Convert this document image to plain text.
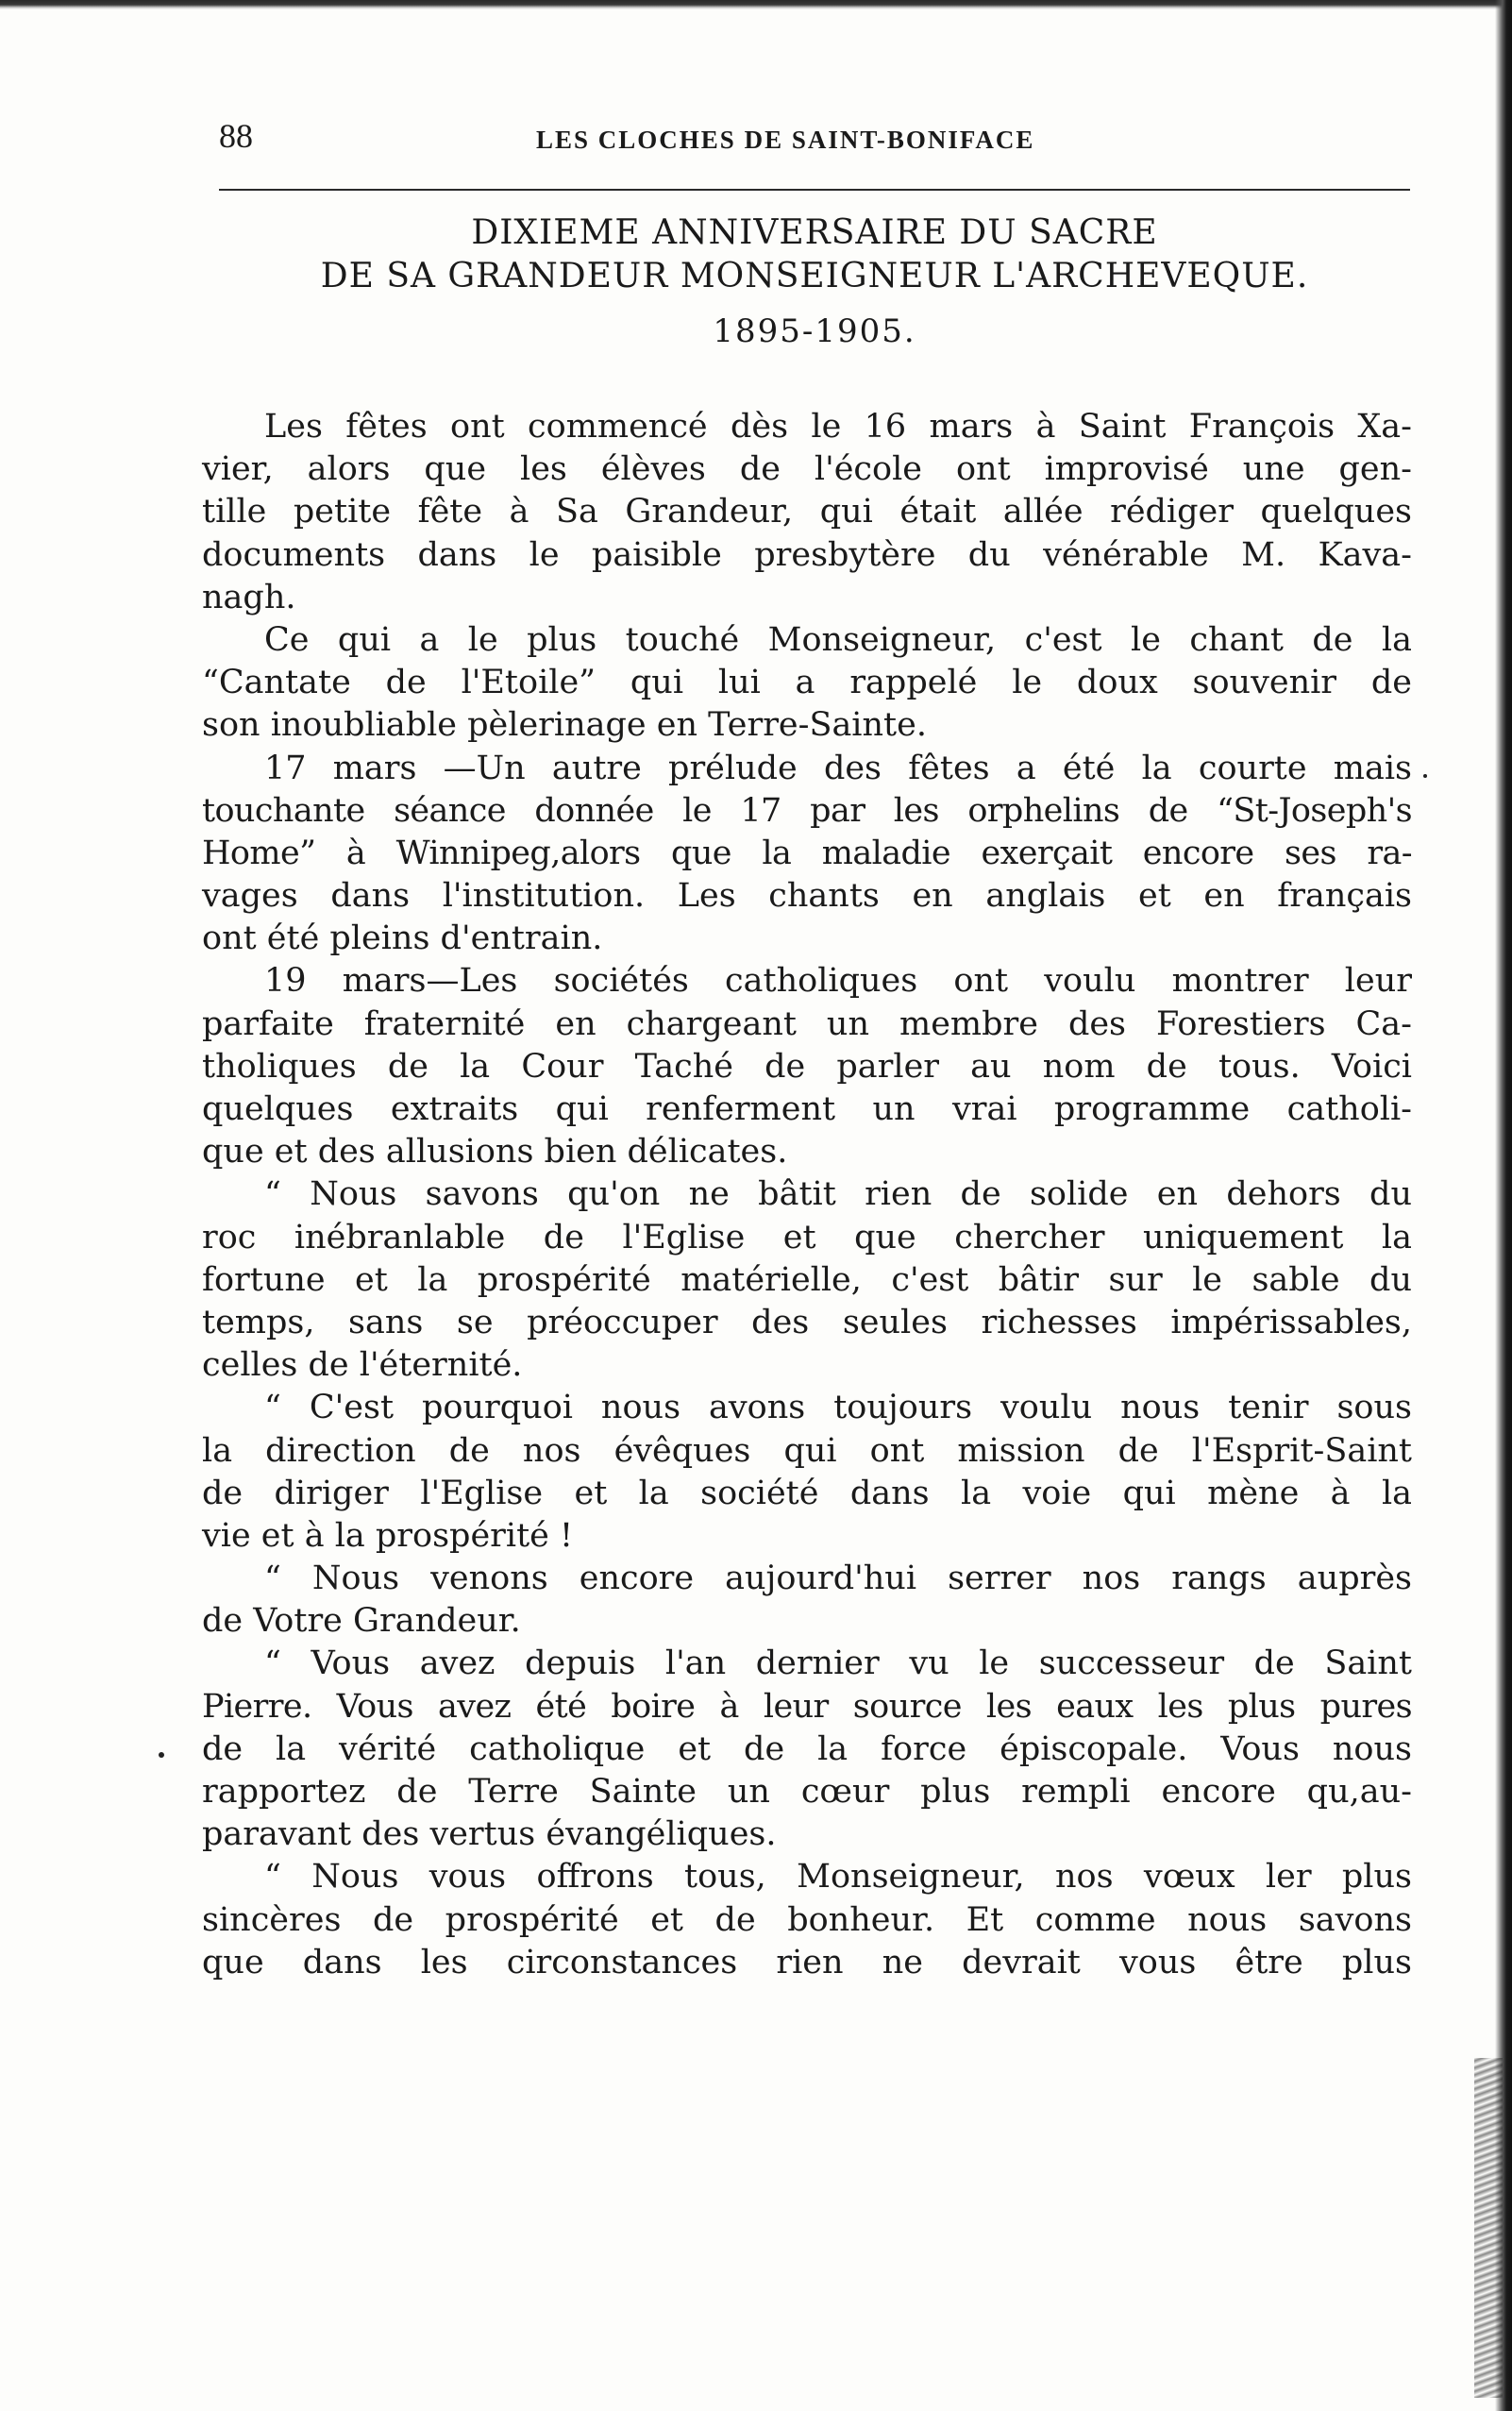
88	LES CLOCHES DE SAINT-BONIFACE
DIXIEME ANNIVERSAIRE DU SACRE
DE SA GRANDEUR MONSEIGNEUR L'ARCHEVEQUE.
1895-1905.
Les fêtes ont commencé dès le 16 mars à Saint François Xa-
vier, alors que les élèves de l'école ont improvisé une gen-
tille petite fête à Sa Grandeur, qui était allée rédiger quelques
documents dans le paisible presbytère du vénérable M. Kava-
nagh.
Ce qui a le plus touché Monseigneur, c'est le chant de la
“Cantate de l'Etoile” qui lui a rappelé le doux souvenir de
son inoubliable pèlerinage en Terre-Sainte.
17 mars —Un autre prélude des fêtes a été la courte mais
touchante séance donnée le 17 par les orphelins de “St-Joseph's
Home” à Winnipeg,alors que la maladie exerçait encore ses ra-
vages dans l'institution. Les chants en anglais et en français
ont été pleins d'entrain.
19 mars—Les sociétés catholiques ont voulu montrer leur
parfaite fraternité en chargeant un membre des Forestiers Ca-
tholiques de la Cour Taché de parler au nom de tous. Voici
quelques extraits qui renferment un vrai programme catholi-
que et des allusions bien délicates.
“ Nous savons qu'on ne bâtit rien de solide en dehors du
roc inébranlable de l'Eglise et que chercher uniquement la
fortune et la prospérité matérielle, c'est bâtir sur le sable du
temps, sans se préoccuper des seules richesses impérissables,
celles de l'éternité.
“ C'est pourquoi nous avons toujours voulu nous tenir sous
la direction de nos évêques qui ont mission de l'Esprit-Saint
de diriger l'Eglise et la société dans la voie qui mène à la
vie et à la prospérité !
“ Nous venons encore aujourd'hui serrer nos rangs auprès
de Votre Grandeur.
“ Vous avez depuis l'an dernier vu le successeur de Saint
Pierre. Vous avez été boire à leur source les eaux les plus pures
de la vérité catholique et de la force épiscopale. Vous nous
rapportez de Terre Sainte un cœur plus rempli encore qu,au-
paravant des vertus évangéliques.
“ Nous vous offrons tous, Monseigneur, nos vœux ler plus
sincères de prospérité et de bonheur. Et comme nous savons
que dans les circonstances rien ne devrait vous être plus
